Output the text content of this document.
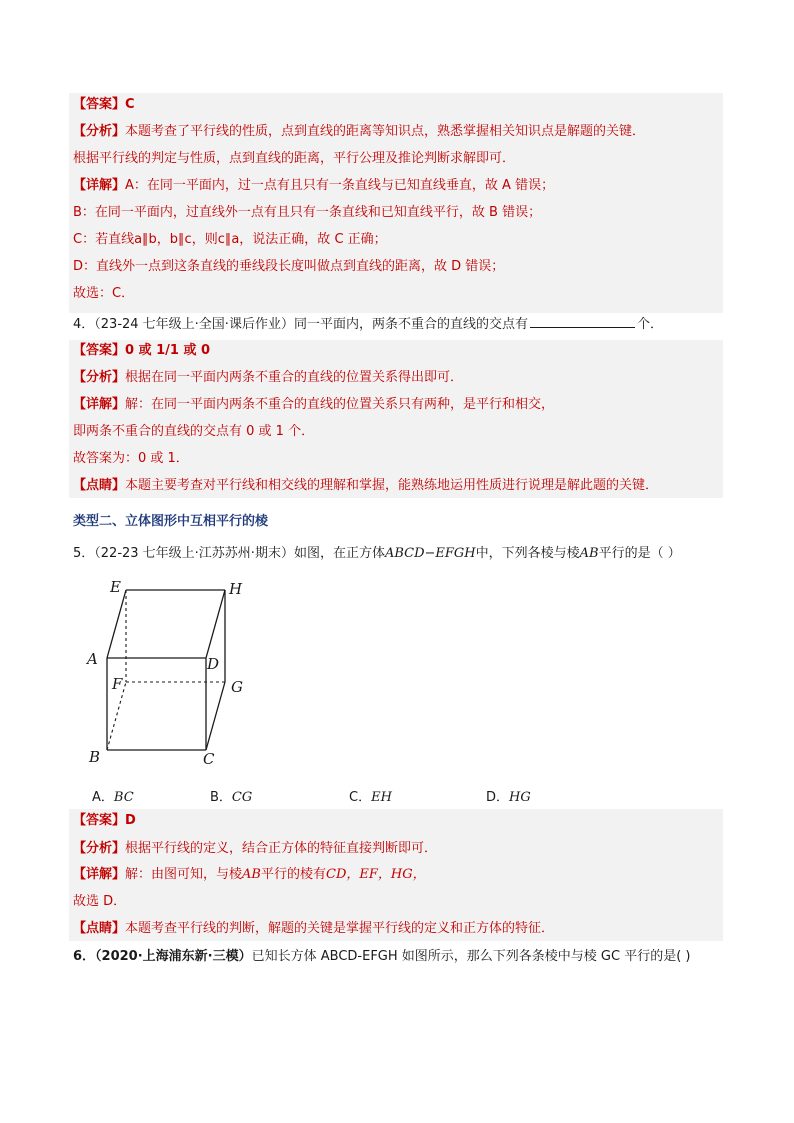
【答案】C
【分析】本题考查了平行线的性质，点到直线的距离等知识点，熟悉掌握相关知识点是解题的关键．
根据平行线的判定与性质，点到直线的距离，平行公理及推论判断求解即可．
【详解】A：在同一平面内，过一点有且只有一条直线与已知直线垂直，故 A 错误；
B：在同一平面内，过直线外一点有且只有一条直线和已知直线平行，故 B 错误；
C：若直线a∥b，b∥c，则c∥a，说法正确，故 C 正确；
D：直线外一点到这条直线的垂线段长度叫做点到直线的距离，故 D 错误；
故选：C．
4．（23-24 七年级上·全国·课后作业）同一平面内，两条不重合的直线的交点有	个．
【答案】0 或 1/1 或 0
【分析】根据在同一平面内两条不重合的直线的位置关系得出即可．
【详解】解：在同一平面内两条不重合的直线的位置关系只有两种，是平行和相交，
即两条不重合的直线的交点有 0 或 1 个．
故答案为：0 或 1．
【点睛】本题主要考查对平行线和相交线的理解和掌握，能熟练地运用性质进行说理是解此题的关键．
类型二、立体图形中互相平行的棱
5．（22-23 七年级上·江苏苏州·期末）如图，在正方体ABCD−EFGH中，下列各棱与棱AB平行的是（ ）
E	H
A	D
F	G
B	C
A．BC	B．CG	C．EH	D．HG
【答案】D
【分析】根据平行线的定义，结合正方体的特征直接判断即可．
【详解】解：由图可知，与棱AB平行的棱有CD，EF，HG，
故选 D．
【点睛】本题考查平行线的判断，解题的关键是掌握平行线的定义和正方体的特征．
6．（2020·上海浦东新·三模）已知长方体 ABCD-EFGH 如图所示，那么下列各条棱中与棱 GC 平行的是( )
